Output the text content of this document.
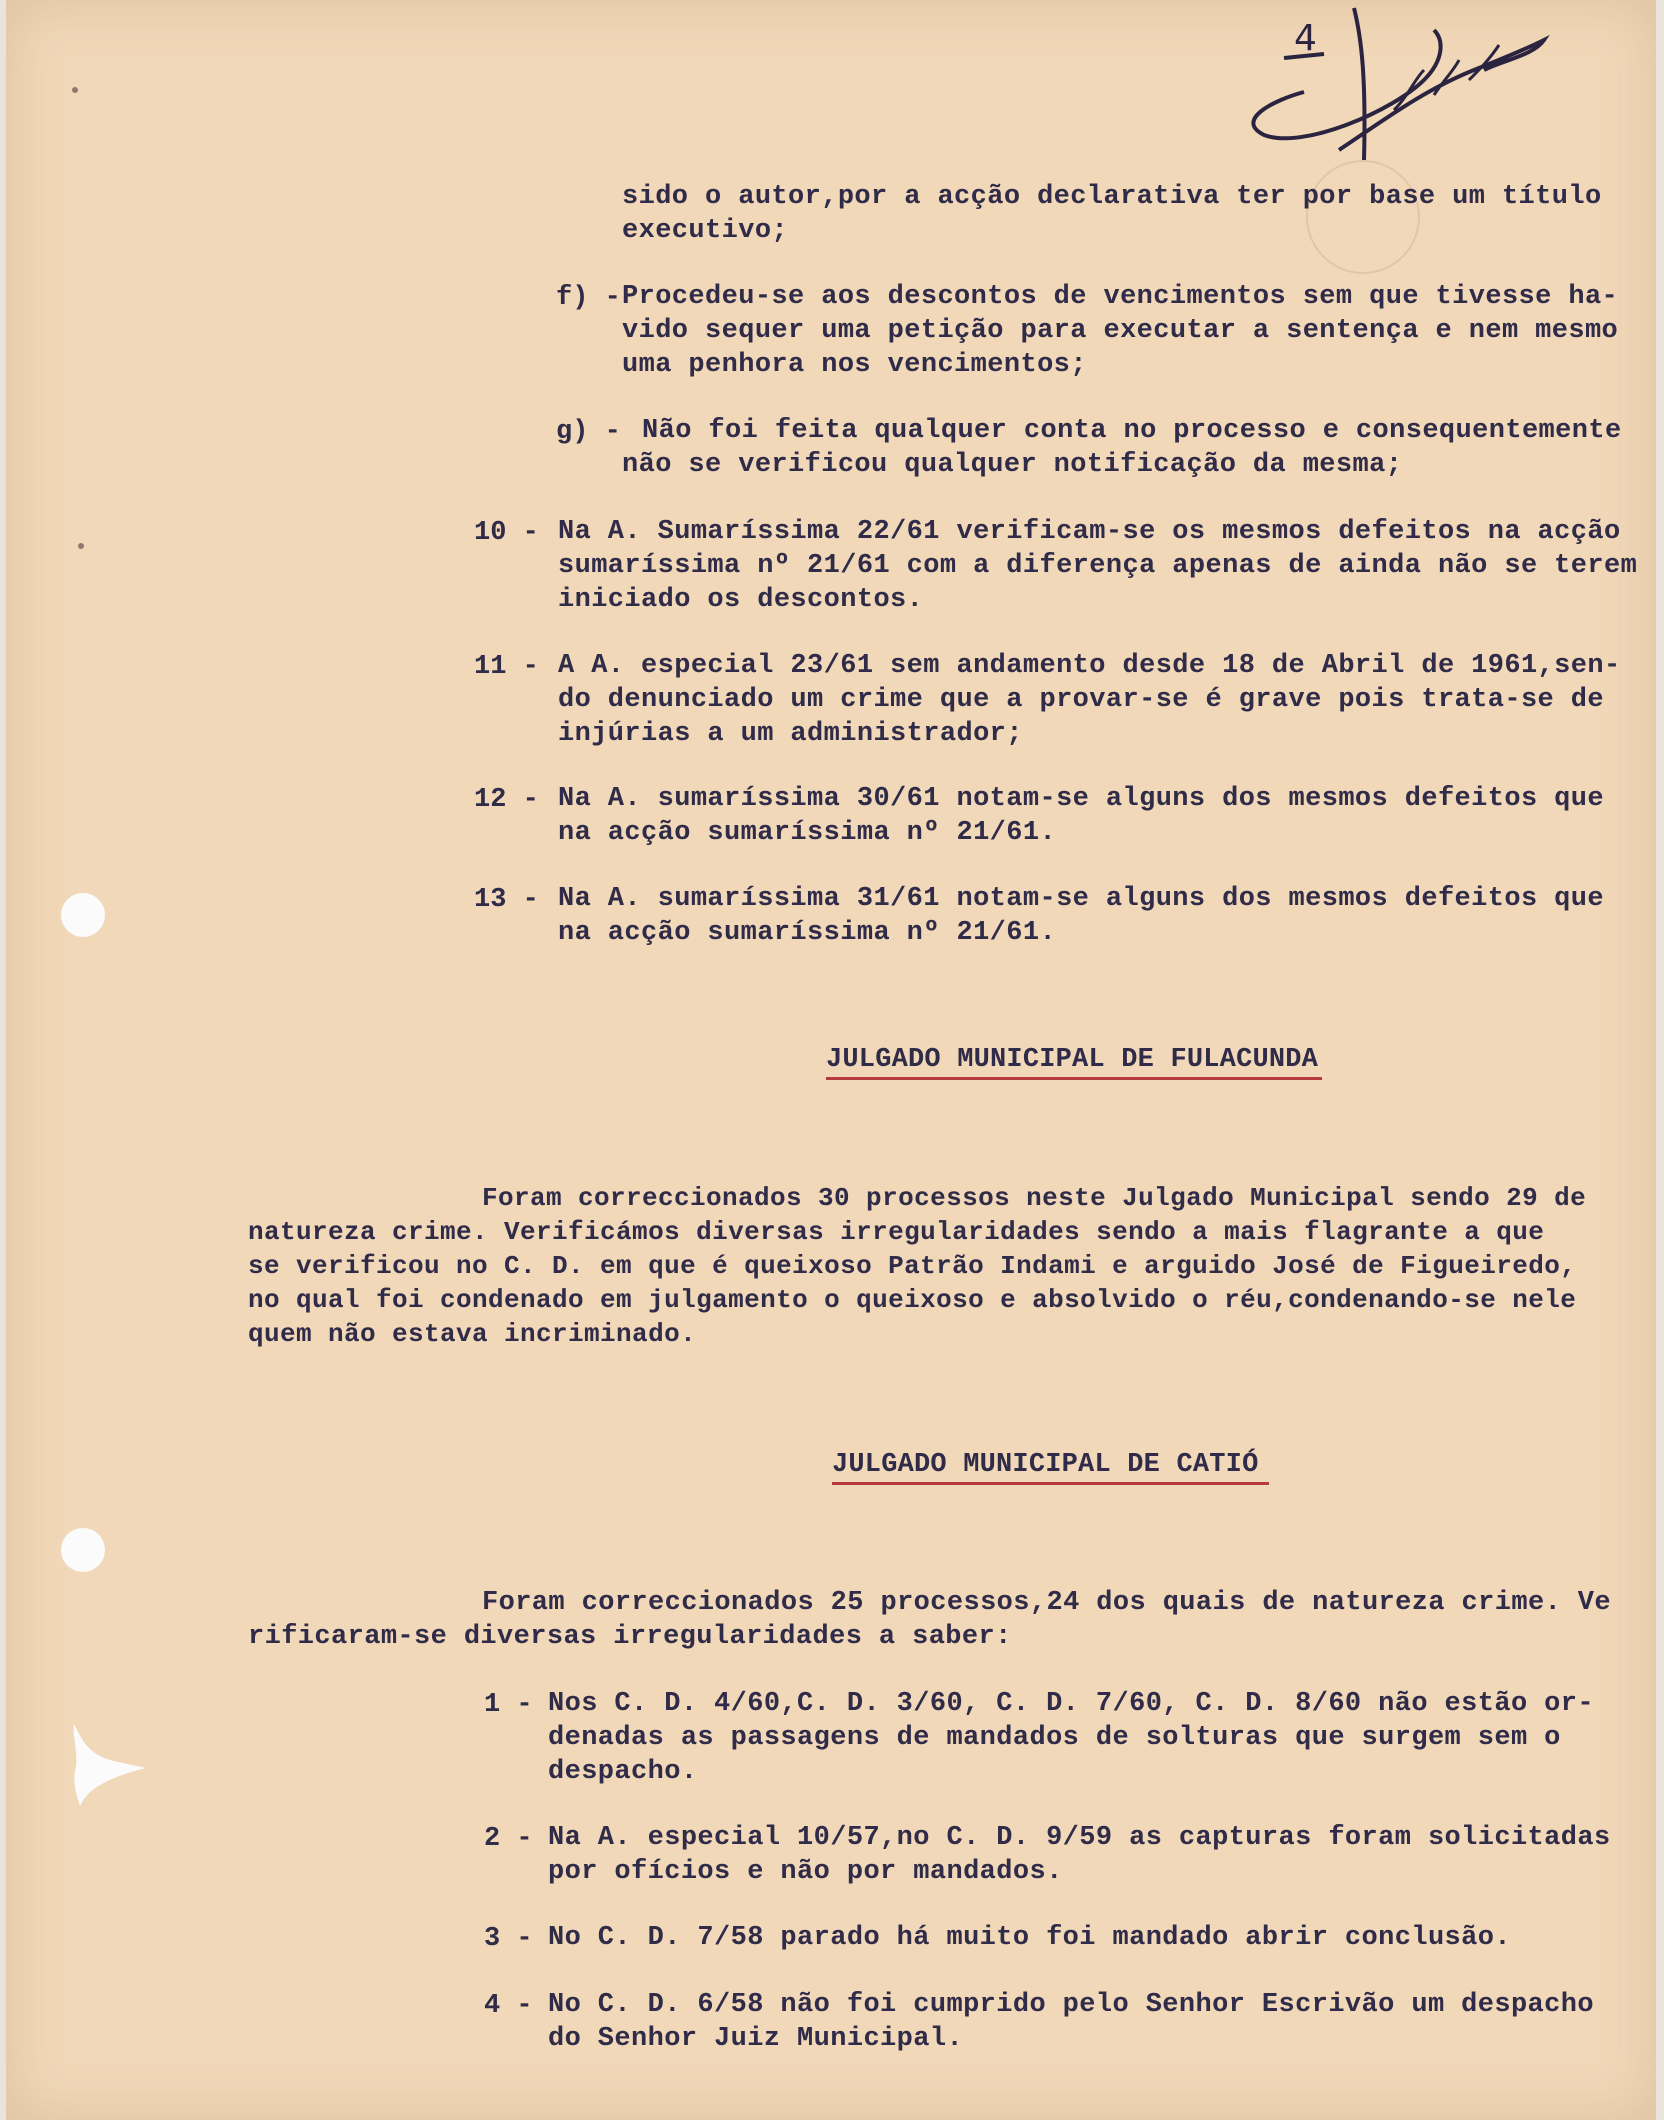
4
sido o autor,por a acção declarativa ter por base um título
executivo;
f) - Procedeu-se aos descontos de vencimentos sem que tivesse ha-
vido sequer uma petição para executar a sentença e nem mesmo
uma penhora nos vencimentos;
g) - Não foi feita qualquer conta no processo e consequentemente
não se verificou qualquer notificação da mesma;
10 - Na A. Sumaríssima 22/61 verificam-se os mesmos defeitos na acção
sumaríssima nº 21/61 com a diferença apenas de ainda não se terem
iniciado os descontos.
11 - A A. especial 23/61 sem andamento desde 18 de Abril de 1961,sen-
do denunciado um crime que a provar-se é grave pois trata-se de
injúrias a um administrador;
12 - Na A. sumaríssima 30/61 notam-se alguns dos mesmos defeitos que
na acção sumaríssima nº 21/61.
13 - Na A. sumaríssima 31/61 notam-se alguns dos mesmos defeitos que
na acção sumaríssima nº 21/61.
JULGADO MUNICIPAL DE FULACUNDA
Foram correccionados 30 processos neste Julgado Municipal sendo 29 de
natureza crime. Verificámos diversas irregularidades sendo a mais flagrante a que
se verificou no C. D. em que é queixoso Patrão Indami e arguido José de Figueiredo,
no qual foi condenado em julgamento o queixoso e absolvido o réu,condenando-se nele
quem não estava incriminado.
JULGADO MUNICIPAL DE CATIÓ
Foram correccionados 25 processos,24 dos quais de natureza crime. Ve
rificaram-se diversas irregularidades a saber:
1 - Nos C. D. 4/60,C. D. 3/60, C. D. 7/60, C. D. 8/60 não estão or-
denadas as passagens de mandados de solturas que surgem sem o
despacho.
2 - Na A. especial 10/57,no C. D. 9/59 as capturas foram solicitadas
por ofícios e não por mandados.
3 - No C. D. 7/58 parado há muito foi mandado abrir conclusão.
4 - No C. D. 6/58 não foi cumprido pelo Senhor Escrivão um despacho
do Senhor Juiz Municipal.
